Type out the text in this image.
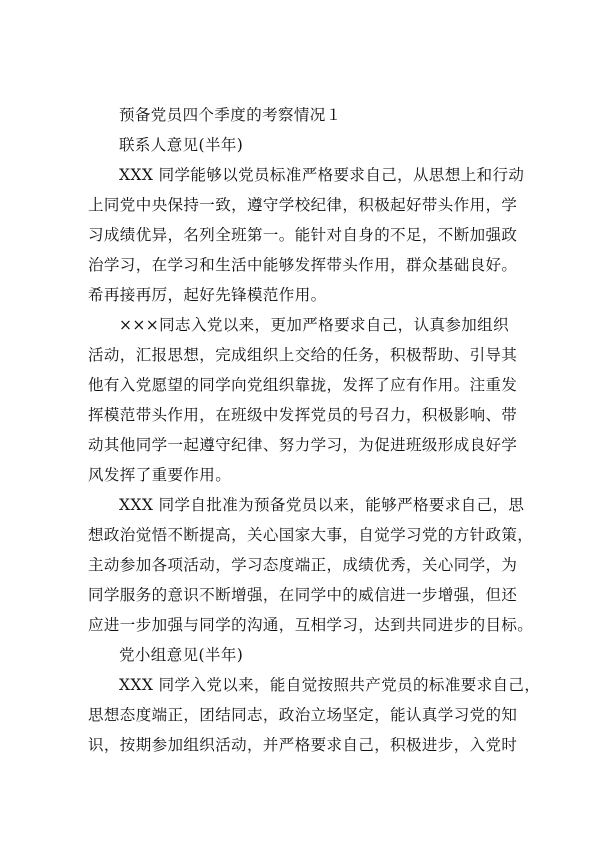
预备党员四个季度的考察情况１
联系人意见(半年)
XXX 同学能够以党员标准严格要求自己，从思想上和行动
上同党中央保持一致，遵守学校纪律，积极起好带头作用，学
习成绩优异，名列全班第一。能针对自身的不足，不断加强政
治学习，在学习和生活中能够发挥带头作用，群众基础良好。
希再接再厉，起好先锋模范作用。
×××同志入党以来，更加严格要求自己，认真参加组织
活动，汇报思想，完成组织上交给的任务，积极帮助、引导其
他有入党愿望的同学向党组织靠拢，发挥了应有作用。注重发
挥模范带头作用，在班级中发挥党员的号召力，积极影响、带
动其他同学一起遵守纪律、努力学习，为促进班级形成良好学
风发挥了重要作用。
XXX 同学自批准为预备党员以来，能够严格要求自己，思
想政治觉悟不断提高，关心国家大事，自觉学习党的方针政策，
主动参加各项活动，学习态度端正，成绩优秀，关心同学，为
同学服务的意识不断增强，在同学中的威信进一步增强，但还
应进一步加强与同学的沟通，互相学习，达到共同进步的目标。
党小组意见(半年)
XXX 同学入党以来，能自觉按照共产党员的标准要求自己，
思想态度端正，团结同志，政治立场坚定，能认真学习党的知
识，按期参加组织活动，并严格要求自己，积极进步，入党时
